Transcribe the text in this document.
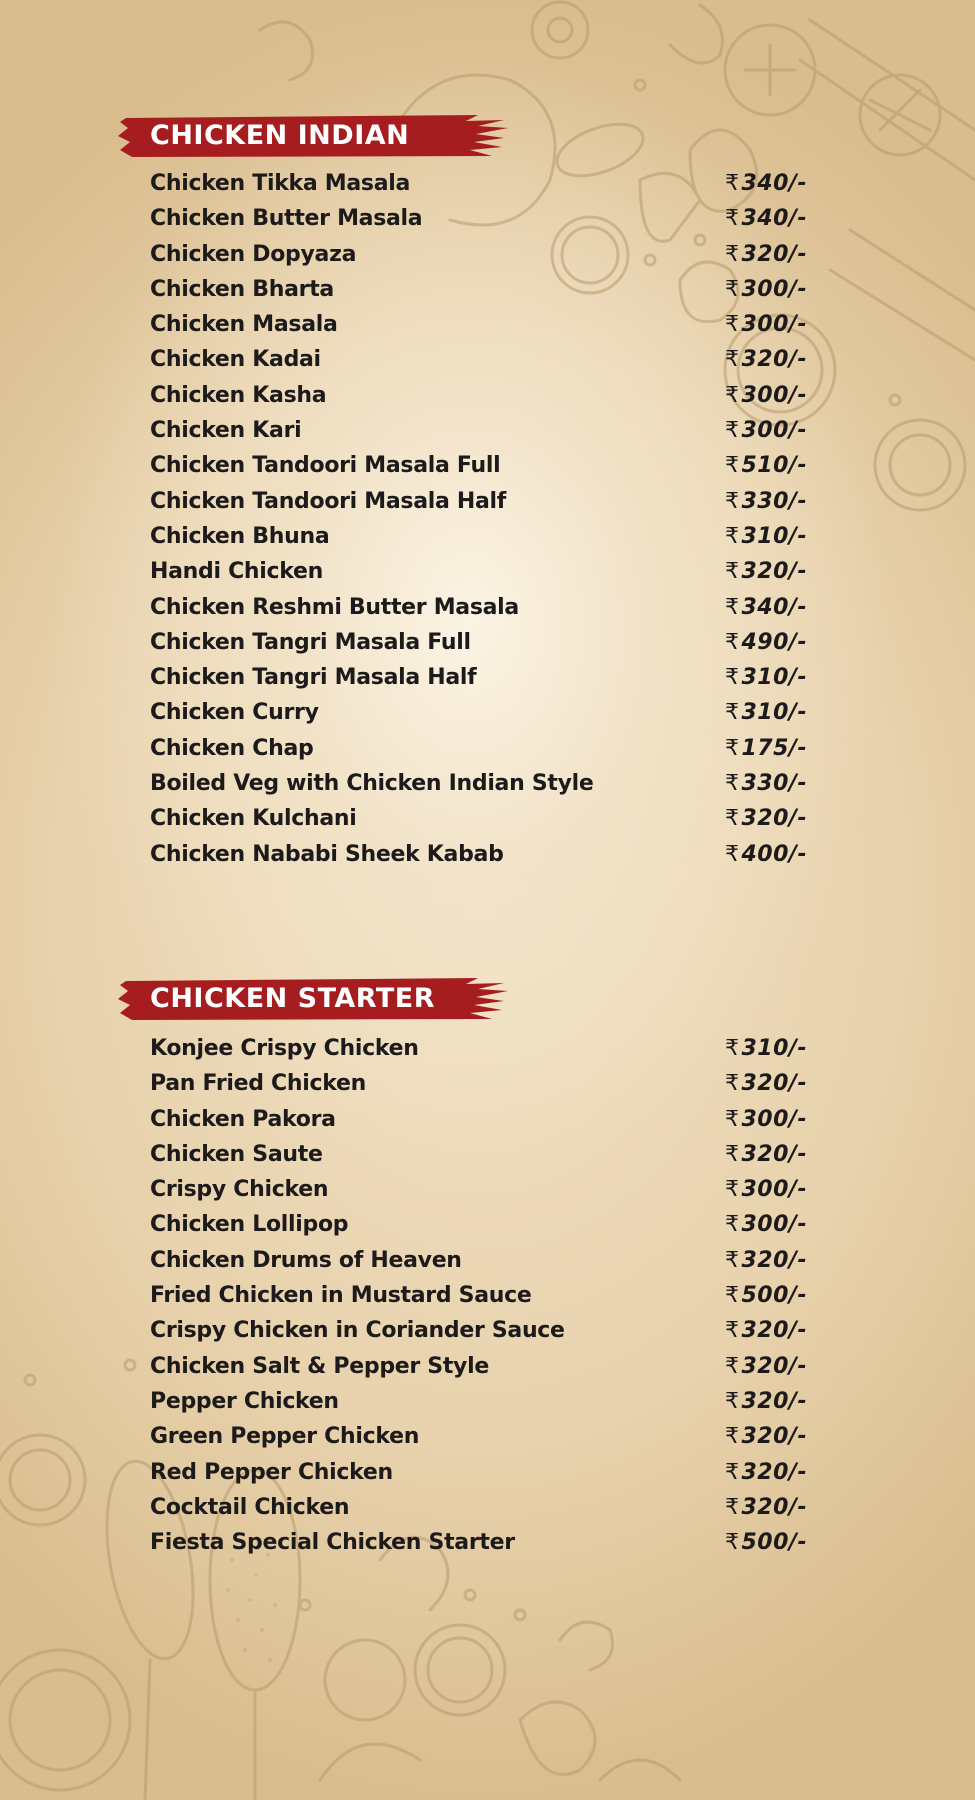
CHICKEN INDIAN
Chicken Tikka Masala	₹340/-
Chicken Butter Masala	₹340/-
Chicken Dopyaza	₹320/-
Chicken Bharta	₹300/-
Chicken Masala	₹300/-
Chicken Kadai	₹320/-
Chicken Kasha	₹300/-
Chicken Kari	₹300/-
Chicken Tandoori Masala Full	₹510/-
Chicken Tandoori Masala Half	₹330/-
Chicken Bhuna	₹310/-
Handi Chicken	₹320/-
Chicken Reshmi Butter Masala	₹340/-
Chicken Tangri Masala Full	₹490/-
Chicken Tangri Masala Half	₹310/-
Chicken Curry	₹310/-
Chicken Chap	₹175/-
Boiled Veg with Chicken Indian Style	₹330/-
Chicken Kulchani	₹320/-
Chicken Nababi Sheek Kabab	₹400/-
CHICKEN STARTER
Konjee Crispy Chicken	₹310/-
Pan Fried Chicken	₹320/-
Chicken Pakora	₹300/-
Chicken Saute	₹320/-
Crispy Chicken	₹300/-
Chicken Lollipop	₹300/-
Chicken Drums of Heaven	₹320/-
Fried Chicken in Mustard Sauce	₹500/-
Crispy Chicken in Coriander Sauce	₹320/-
Chicken Salt & Pepper Style	₹320/-
Pepper Chicken	₹320/-
Green Pepper Chicken	₹320/-
Red Pepper Chicken	₹320/-
Cocktail Chicken	₹320/-
Fiesta Special Chicken Starter	₹500/-
